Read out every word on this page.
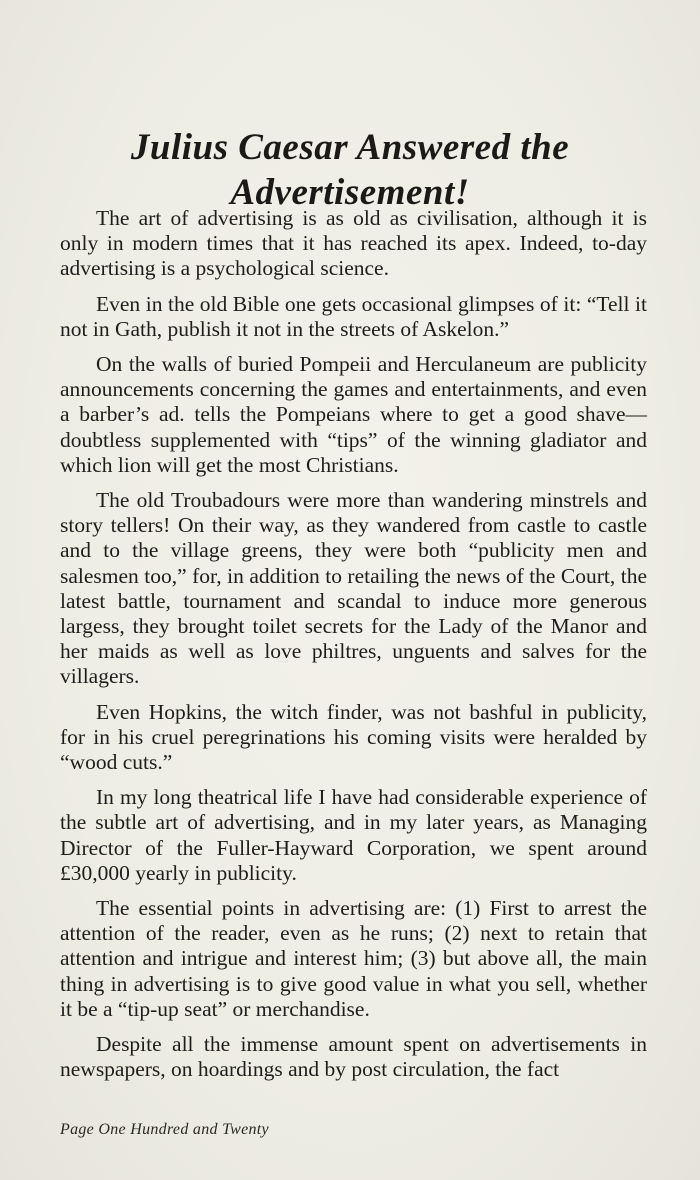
Julius Caesar Answered the
Advertisement!

The art of advertising is as old as civilisation, although it is only in modern times that it has reached its apex. Indeed, to-day advertising is a psychological science.

Even in the old Bible one gets occasional glimpses of it: “Tell it not in Gath, publish it not in the streets of Askelon.”

On the walls of buried Pompeii and Herculaneum are publicity announcements concerning the games and entertainments, and even a barber’s ad. tells the Pompeians where to get a good shave—doubtless supplemented with “tips” of the winning gladiator and which lion will get the most Christians.

The old Troubadours were more than wandering minstrels and story tellers! On their way, as they wandered from castle to castle and to the village greens, they were both “publicity men and salesmen too,” for, in addition to retailing the news of the Court, the latest battle, tournament and scandal to induce more generous largess, they brought toilet secrets for the Lady of the Manor and her maids as well as love philtres, unguents and salves for the villagers.

Even Hopkins, the witch finder, was not bashful in publicity, for in his cruel peregrinations his coming visits were heralded by “wood cuts.”

In my long theatrical life I have had considerable experience of the subtle art of advertising, and in my later years, as Managing Director of the Fuller-Hayward Corporation, we spent around £30,000 yearly in publicity.

The essential points in advertising are: (1) First to arrest the attention of the reader, even as he runs; (2) next to retain that attention and intrigue and interest him; (3) but above all, the main thing in advertising is to give good value in what you sell, whether it be a “tip-up seat” or merchandise.

Despite all the immense amount spent on advertisements in newspapers, on hoardings and by post circulation, the fact

Page One Hundred and Twenty
